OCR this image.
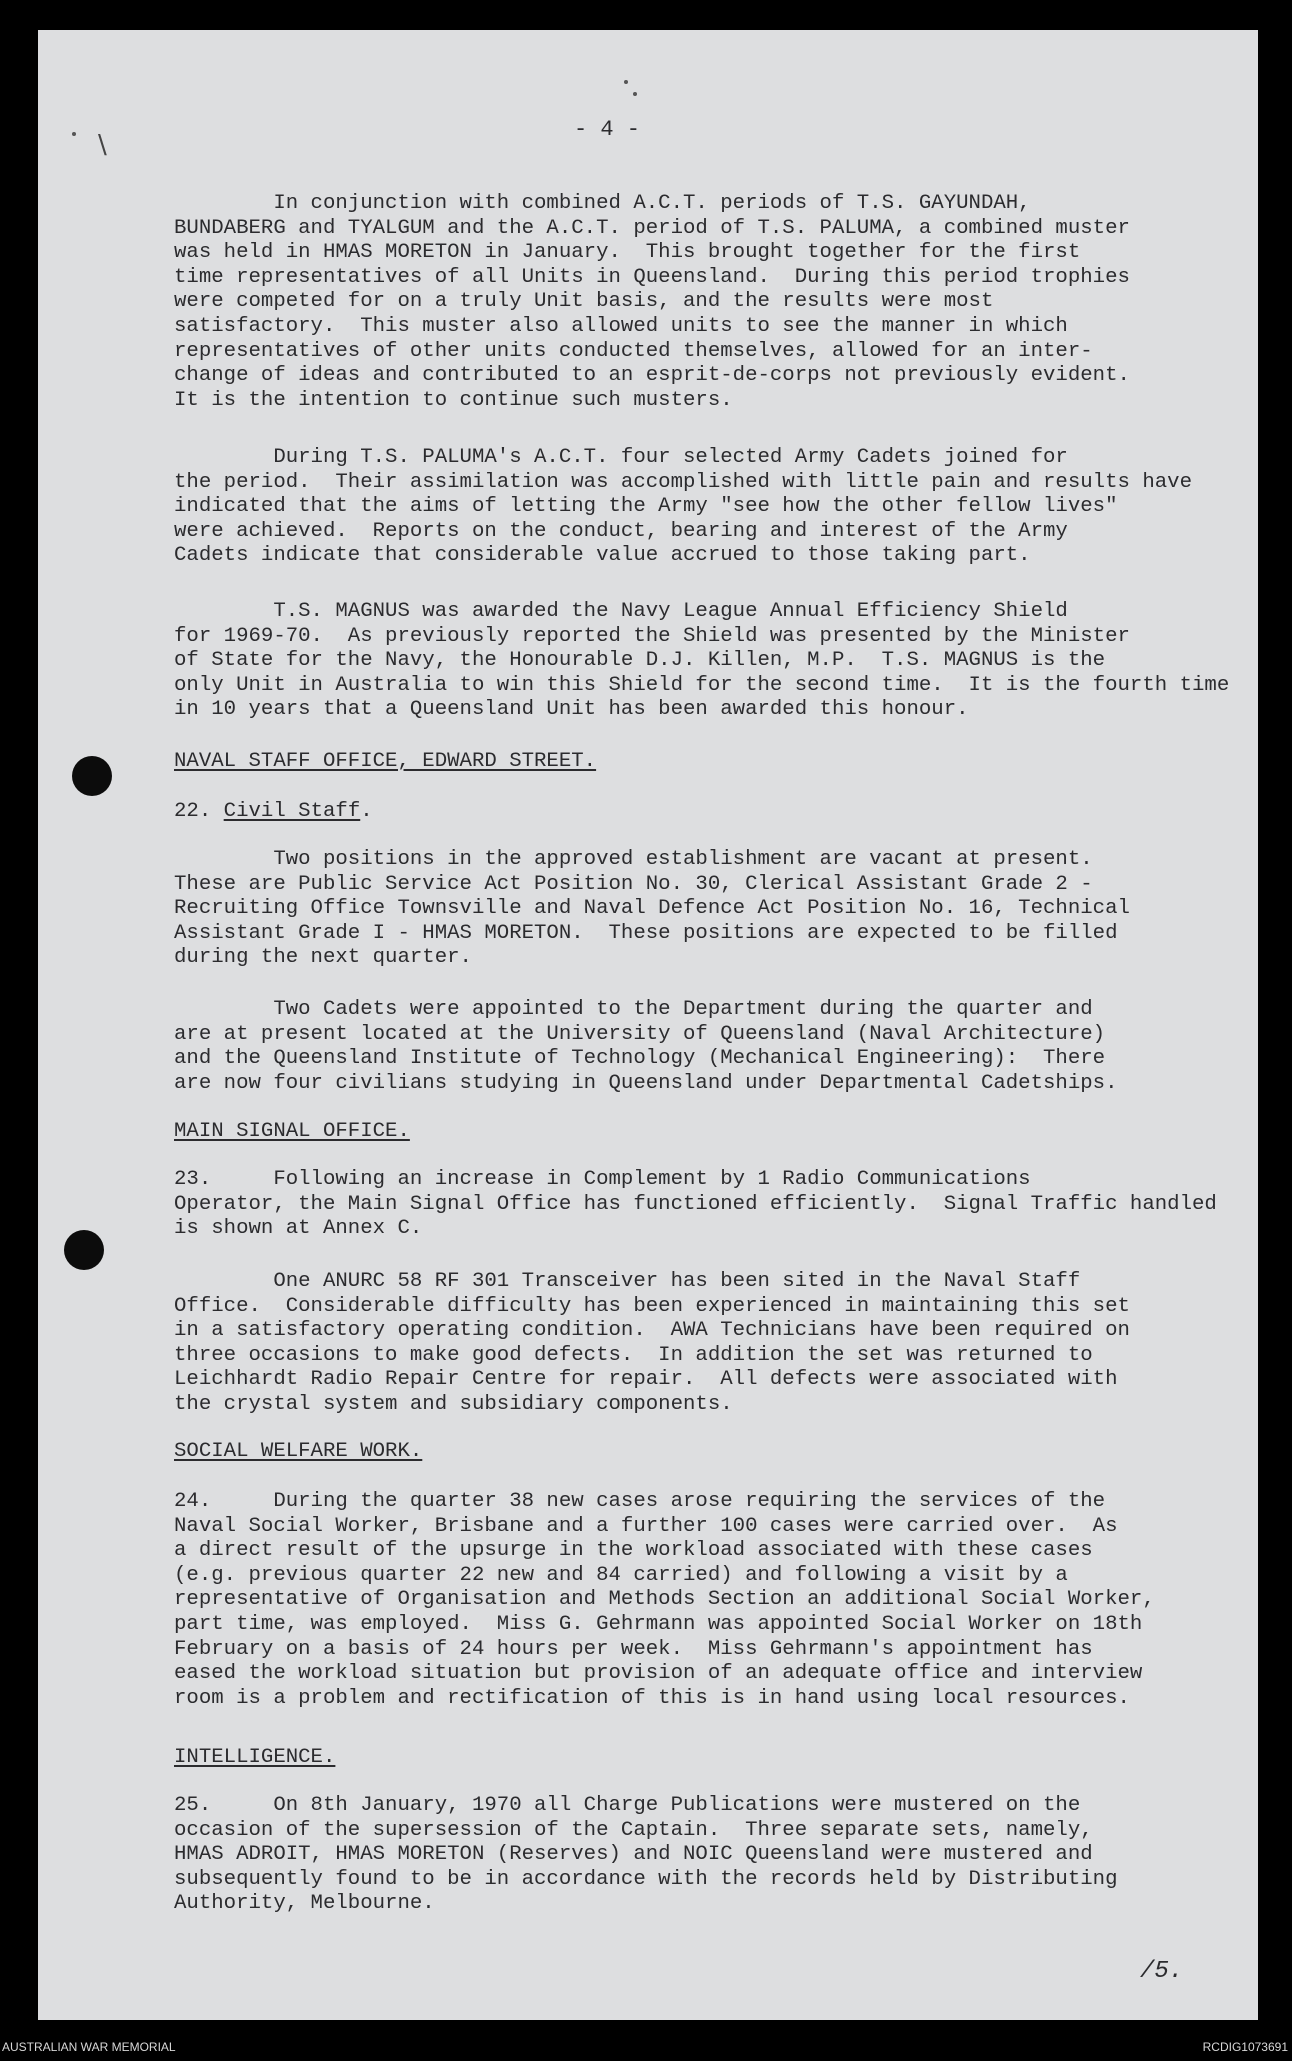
\
- 4 -

In conjunction with combined A.C.T. periods of T.S. GAYUNDAH,
BUNDABERG and TYALGUM and the A.C.T. period of T.S. PALUMA, a combined muster
was held in HMAS MORETON in January.  This brought together for the first
time representatives of all Units in Queensland.  During this period trophies
were competed for on a truly Unit basis, and the results were most
satisfactory.  This muster also allowed units to see the manner in which
representatives of other units conducted themselves, allowed for an inter-
change of ideas and contributed to an esprit-de-corps not previously evident.
It is the intention to continue such musters.

During T.S. PALUMA's A.C.T. four selected Army Cadets joined for
the period.  Their assimilation was accomplished with little pain and results have
indicated that the aims of letting the Army "see how the other fellow lives"
were achieved.  Reports on the conduct, bearing and interest of the Army
Cadets indicate that considerable value accrued to those taking part.

T.S. MAGNUS was awarded the Navy League Annual Efficiency Shield
for 1969-70.  As previously reported the Shield was presented by the Minister
of State for the Navy, the Honourable D.J. Killen, M.P.  T.S. MAGNUS is the
only Unit in Australia to win this Shield for the second time.  It is the fourth time
in 10 years that a Queensland Unit has been awarded this honour.

NAVAL STAFF OFFICE, EDWARD STREET.

22. Civil Staff.

Two positions in the approved establishment are vacant at present.
These are Public Service Act Position No. 30, Clerical Assistant Grade 2 -
Recruiting Office Townsville and Naval Defence Act Position No. 16, Technical
Assistant Grade I - HMAS MORETON.  These positions are expected to be filled
during the next quarter.

Two Cadets were appointed to the Department during the quarter and
are at present located at the University of Queensland (Naval Architecture)
and the Queensland Institute of Technology (Mechanical Engineering):  There
are now four civilians studying in Queensland under Departmental Cadetships.

MAIN SIGNAL OFFICE.

23.     Following an increase in Complement by 1 Radio Communications
Operator, the Main Signal Office has functioned efficiently.  Signal Traffic handled
is shown at Annex C.

One ANURC 58 RF 301 Transceiver has been sited in the Naval Staff
Office.  Considerable difficulty has been experienced in maintaining this set
in a satisfactory operating condition.  AWA Technicians have been required on
three occasions to make good defects.  In addition the set was returned to
Leichhardt Radio Repair Centre for repair.  All defects were associated with
the crystal system and subsidiary components.

SOCIAL WELFARE WORK.

24.     During the quarter 38 new cases arose requiring the services of the
Naval Social Worker, Brisbane and a further 100 cases were carried over.  As
a direct result of the upsurge in the workload associated with these cases
(e.g. previous quarter 22 new and 84 carried) and following a visit by a
representative of Organisation and Methods Section an additional Social Worker,
part time, was employed.  Miss G. Gehrmann was appointed Social Worker on 18th
February on a basis of 24 hours per week.  Miss Gehrmann's appointment has
eased the workload situation but provision of an adequate office and interview
room is a problem and rectification of this is in hand using local resources.

INTELLIGENCE.

25.     On 8th January, 1970 all Charge Publications were mustered on the
occasion of the supersession of the Captain.  Three separate sets, namely,
HMAS ADROIT, HMAS MORETON (Reserves) and NOIC Queensland were mustered and
subsequently found to be in accordance with the records held by Distributing
Authority, Melbourne.

/5.
AUSTRALIAN WAR MEMORIAL	RCDIG1073691
